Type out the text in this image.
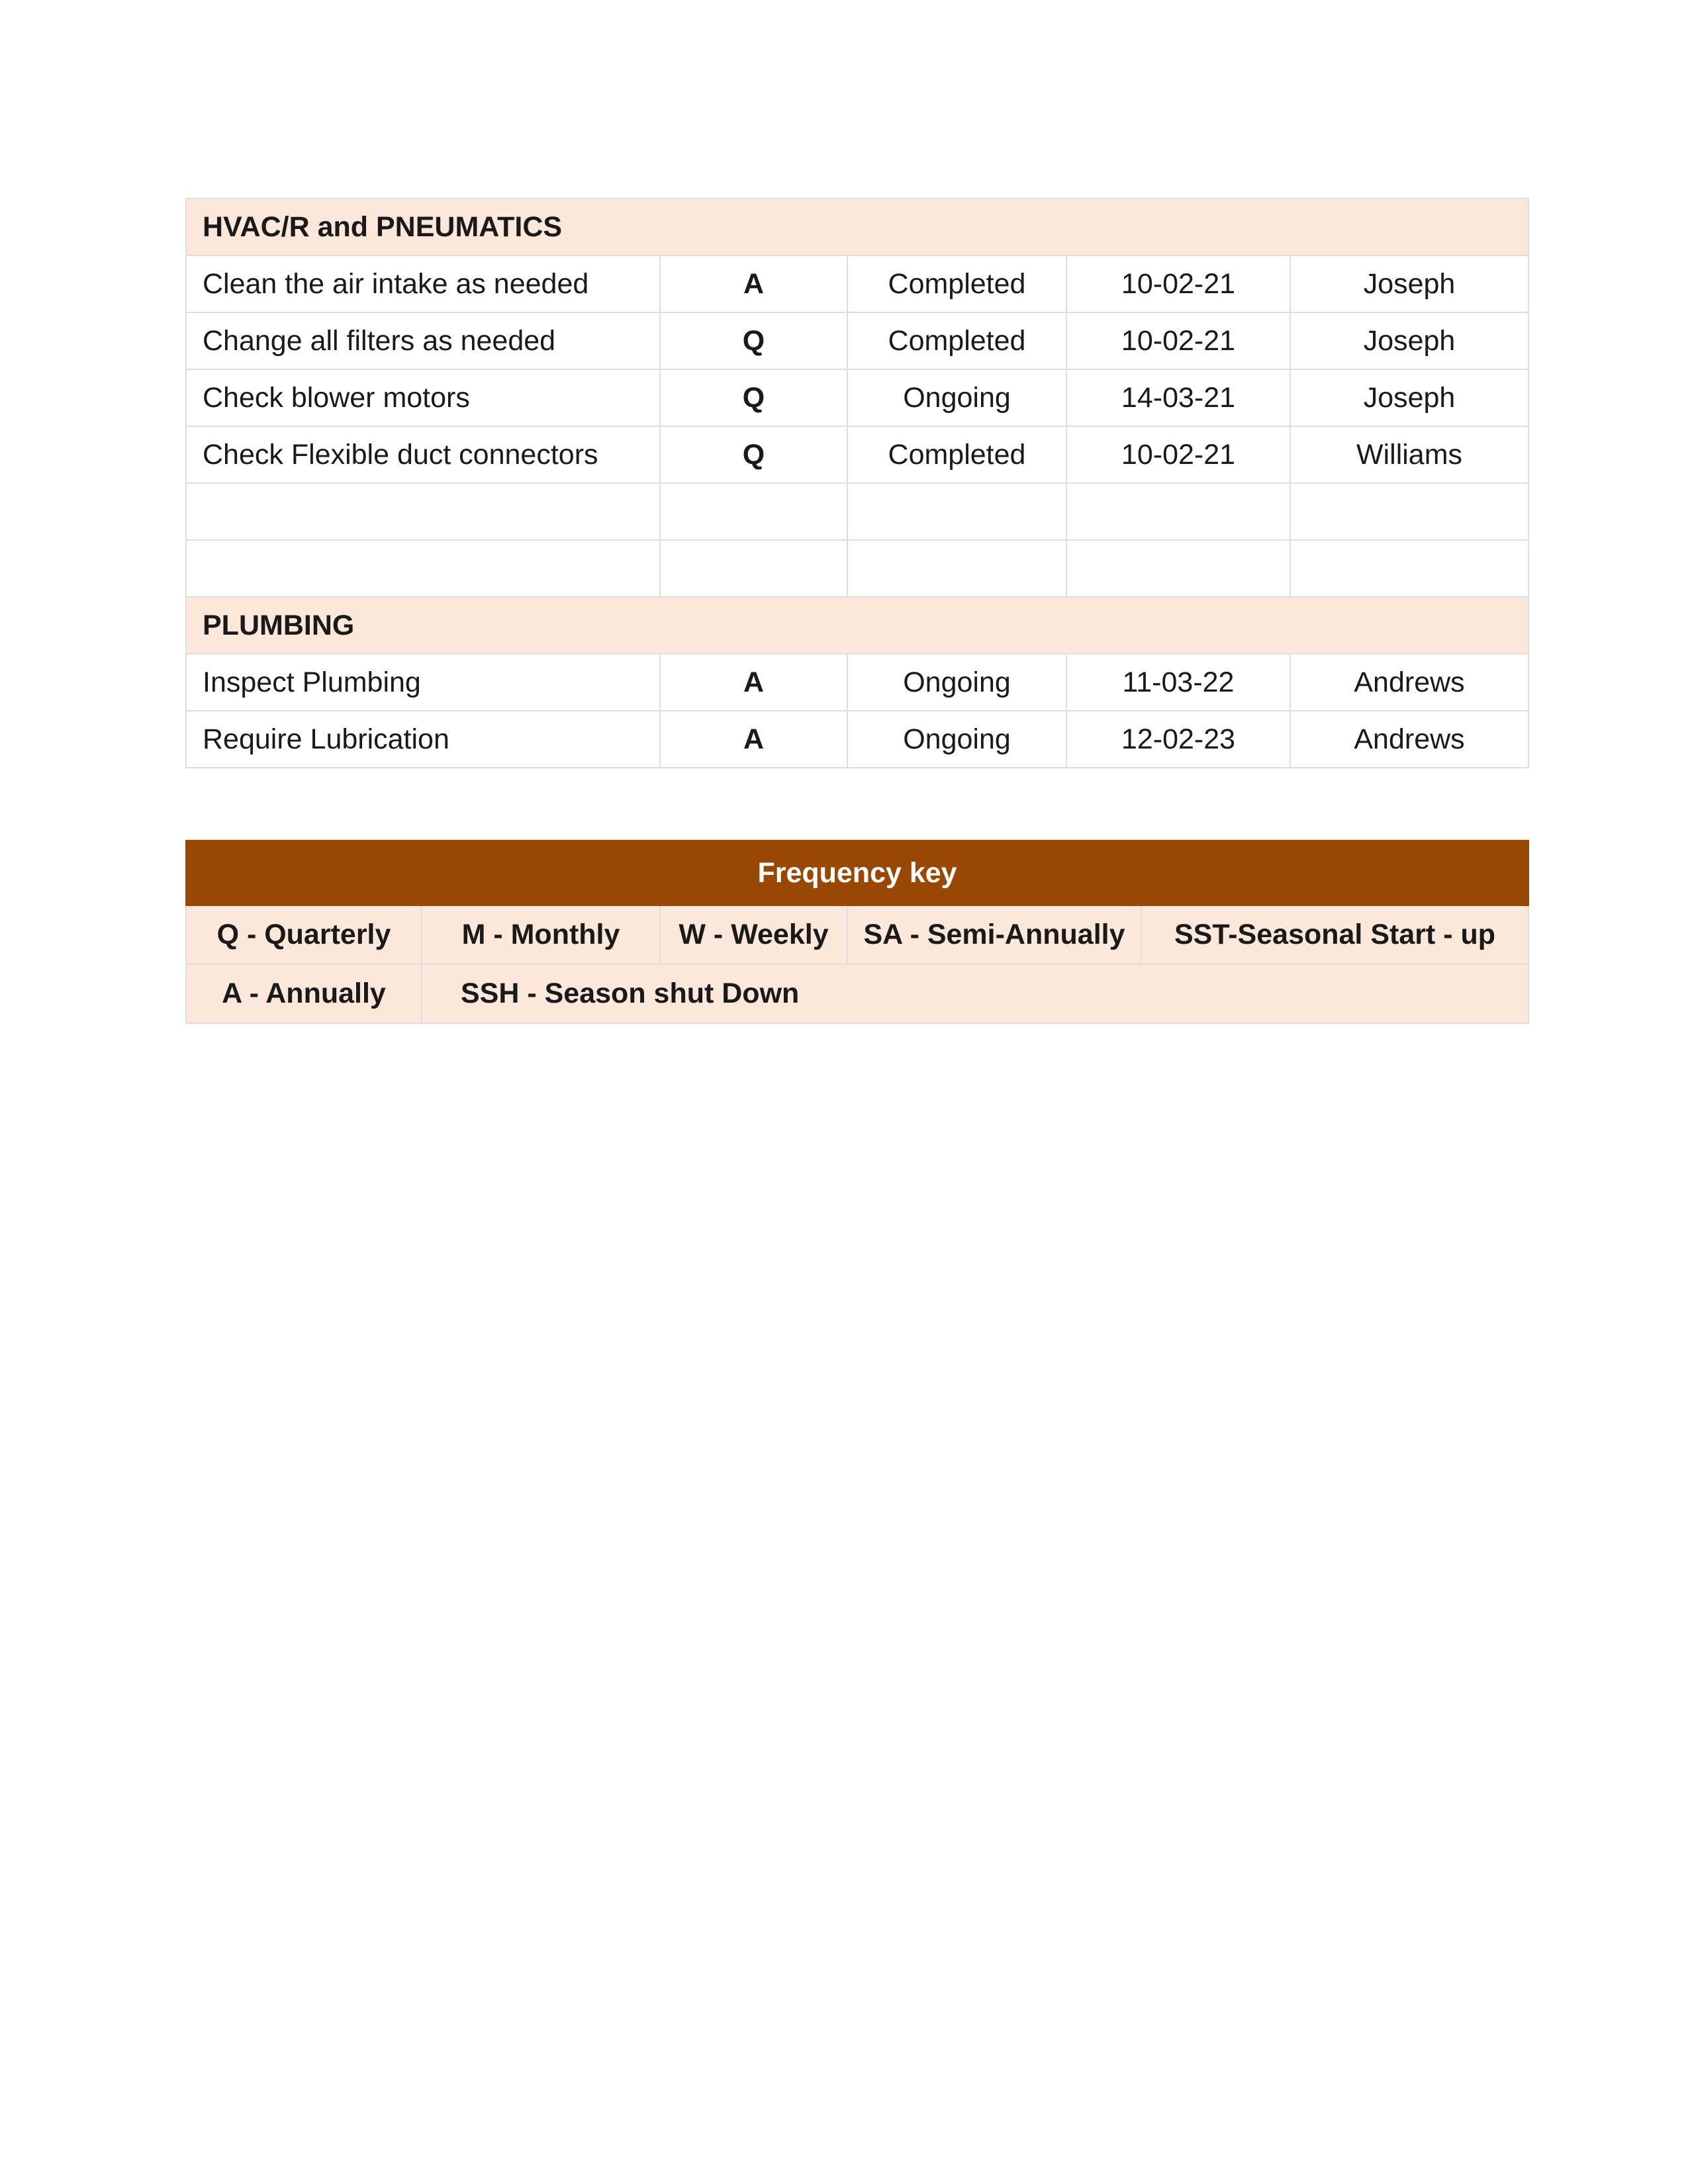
HVAC/R and PNEUMATICS				
Clean the air intake as needed	A	Completed	10-02-21	Joseph
Change all filters as needed	Q	Completed	10-02-21	Joseph
Check blower motors	Q	Ongoing	14-03-21	Joseph
Check Flexible duct connectors	Q	Completed	10-02-21	Williams

PLUMBING				
Inspect Plumbing	A	Ongoing	11-03-22	Andrews
Require Lubrication	A	Ongoing	12-02-23	Andrews
Frequency key				
Q - Quarterly	M - Monthly	W - Weekly	SA - Semi-Annually	SST-Seasonal Start - up
A - Annually	SSH - Season shut Down			
